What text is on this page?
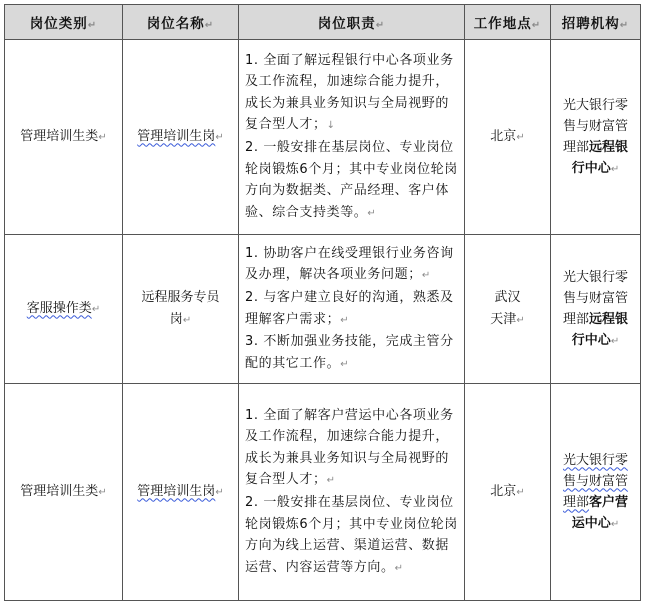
岗位类别↵	岗位名称↵	岗位职责↵	工作地点↵	招聘机构↵
管理培训生类↵	管理培训生岗↵	1. 全面了解远程银行中心各项业务及工作流程，加速综合能力提升，成长为兼具业务知识与全局视野的复合型人才；↓
2. 一般安排在基层岗位、专业岗位轮岗锻炼6个月；其中专业岗位轮岗方向为数据类、产品经理、客户体验、综合支持类等。↵	北京↵	光大银行零售与财富管理部远程银行中心↵
客服操作类↵	远程服务专员岗↵	1. 协助客户在线受理银行业务咨询及办理，解决各项业务问题；↵
2. 与客户建立良好的沟通，熟悉及理解客户需求；↵
3. 不断加强业务技能，完成主管分配的其它工作。↵	武汉
天津↵	光大银行零售与财富管理部远程银行中心↵
管理培训生类↵	管理培训生岗↵	1. 全面了解客户营运中心各项业务及工作流程，加速综合能力提升，成长为兼具业务知识与全局视野的复合型人才；↵
2. 一般安排在基层岗位、专业岗位轮岗锻炼6个月；其中专业岗位轮岗方向为线上运营、渠道运营、数据运营、内容运营等方向。↵	北京↵	光大银行零售与财富管理部客户营运中心↵
